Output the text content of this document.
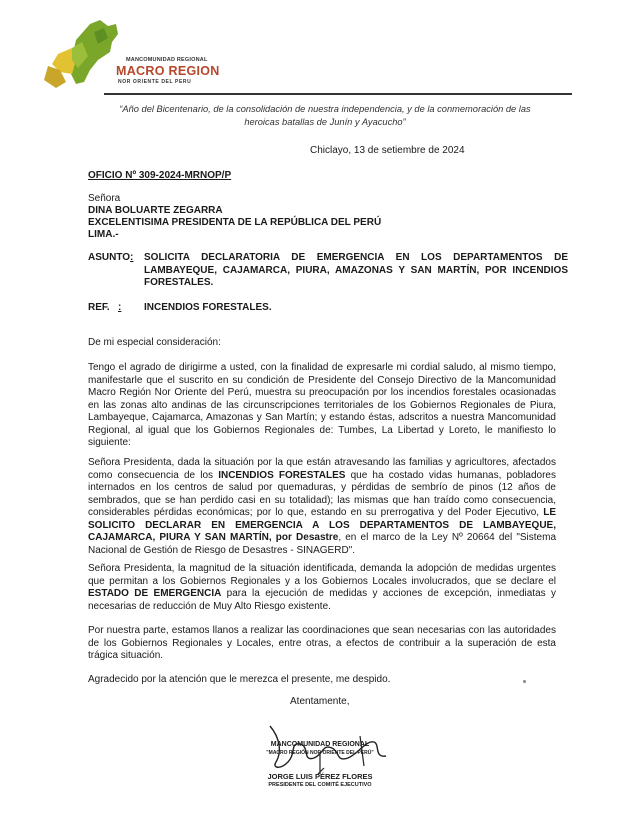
MANCOMUNIDAD REGIONAL
MACRO REGION
NOR ORIENTE DEL PERU
“Año del Bicentenario, de la consolidación de nuestra independencia, y de la conmemoración de las heroicas batallas de Junín y Ayacucho”
Chiclayo, 13 de setiembre de 2024
OFICIO Nº 309-2024-MRNOP/P
Señora
DINA BOLUARTE ZEGARRA
EXCELENTISIMA PRESIDENTA DE LA REPÚBLICA DEL PERÚ
LIMA.-
ASUNTO: SOLICITA DECLARATORIA DE EMERGENCIA EN LOS DEPARTAMENTOS DE LAMBAYEQUE, CAJAMARCA, PIURA, AMAZONAS Y SAN MARTÍN, POR INCENDIOS FORESTALES.
REF. : INCENDIOS FORESTALES.
De mi especial consideración:
Tengo el agrado de dirigirme a usted, con la finalidad de expresarle mi cordial saludo, al mismo tiempo, manifestarle que el suscrito en su condición de Presidente del Consejo Directivo de la Mancomunidad Macro Región Nor Oriente del Perú, muestra su preocupación por los incendios forestales ocasionadas en las zonas alto andinas de las circunscripciones territoriales de los Gobiernos Regionales de Piura, Lambayeque, Cajamarca, Amazonas y San Martín; y estando éstas, adscritos a nuestra Mancomunidad Regional, al igual que los Gobiernos Regionales de: Tumbes, La Libertad y Loreto, le manifiesto lo siguiente:
Señora Presidenta, dada la situación por la que están atravesando las familias y agricultores, afectados como consecuencia de los INCENDIOS FORESTALES que ha costado vidas humanas, pobladores internados en los centros de salud por quemaduras, y pérdidas de sembrío de pinos (12 años de sembrados, que se han perdido casi en su totalidad); las mismas que han traído como consecuencia, considerables pérdidas económicas; por lo que, estando en su prerrogativa y del Poder Ejecutivo, LE SOLICITO DECLARAR EN EMERGENCIA A LOS DEPARTAMENTOS DE LAMBAYEQUE, CAJAMARCA, PIURA Y SAN MARTÍN, por Desastre, en el marco de la Ley Nº 20664 del "Sistema Nacional de Gestión de Riesgo de Desastres - SINAGERD".
Señora Presidenta, la magnitud de la situación identificada, demanda la adopción de medidas urgentes que permitan a los Gobiernos Regionales y a los Gobiernos Locales involucrados, que se declare el ESTADO DE EMERGENCIA para la ejecución de medidas y acciones de excepción, inmediatas y necesarias de reducción de Muy Alto Riesgo existente.
Por nuestra parte, estamos llanos a realizar las coordinaciones que sean necesarias con las autoridades de los Gobiernos Regionales y Locales, entre otras, a efectos de contribuir a la superación de esta trágica situación.
Agradecido por la atención que le merezca el presente, me despido.
Atentamente,
MANCOMUNIDAD REGIONAL
"MACRO REGIÓN NOR ORIENTE DEL PERÚ"
JORGE LUIS PÉREZ FLORES
PRESIDENTE DEL COMITÉ EJECUTIVO
